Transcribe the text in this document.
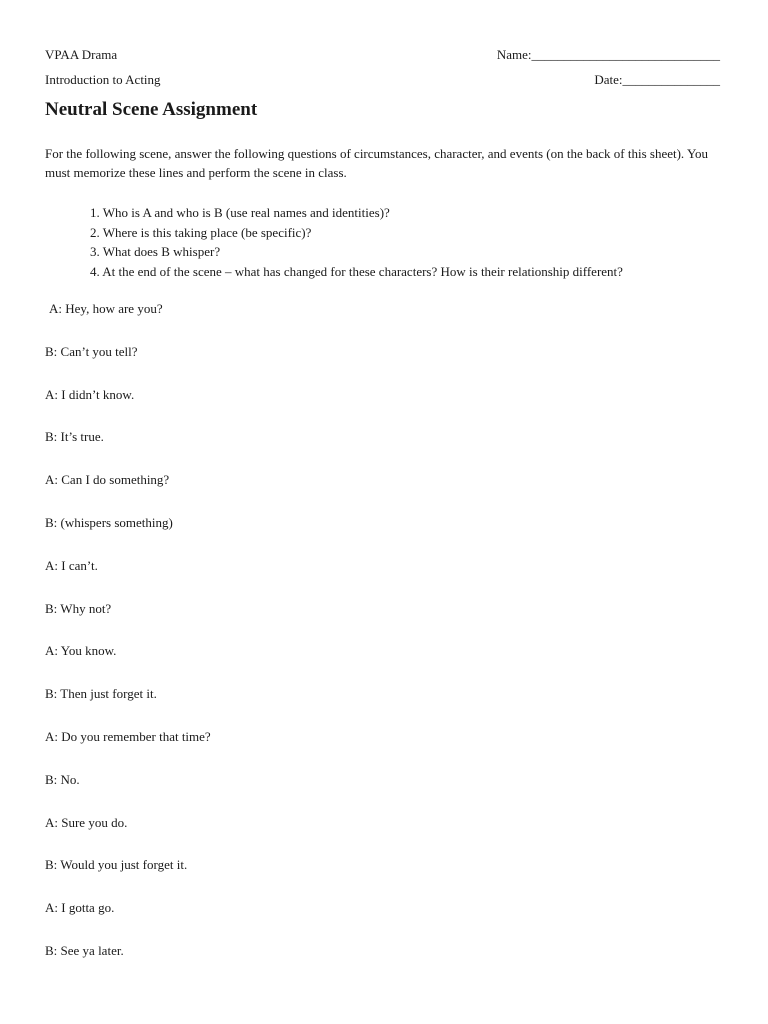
VPAA Drama	Name:_____________________________
Introduction to Acting	Date:_______________
Neutral Scene Assignment
For the following scene, answer the following questions of circumstances, character, and events (on the back of this sheet). You must memorize these lines and perform the scene in class.
1. Who is A and who is B (use real names and identities)?
2. Where is this taking place (be specific)?
3. What does B whisper?
4. At the end of the scene – what has changed for these characters? How is their relationship different?
A: Hey, how are you?
B: Can’t you tell?
A: I didn’t know.
B: It’s true.
A: Can I do something?
B: (whispers something)
A: I can’t.
B: Why not?
A: You know.
B: Then just forget it.
A: Do you remember that time?
B: No.
A: Sure you do.
B: Would you just forget it.
A: I gotta go.
B: See ya later.
